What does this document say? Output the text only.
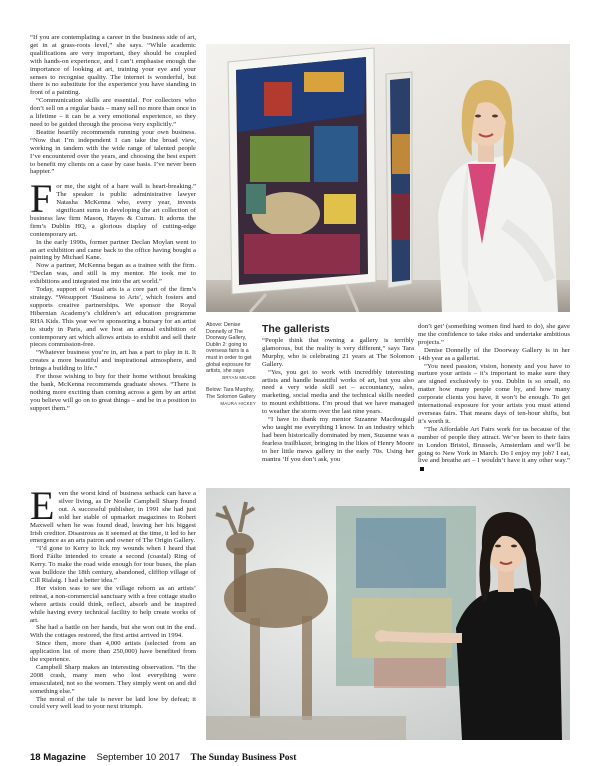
“If you are contemplating a career in the business side of art, get in at grass-roots level,” she says. “While academic qualifications are very important, they should be coupled with hands-on experience, and I can’t emphasise enough the importance of looking at art, training your eye and your senses to recognise quality. The internet is wonderful, but there is no substitute for the experience you have standing in front of a painting.

“Communication skills are essential. For collectors who don’t sell on a regular basis – many sell no more than once in a lifetime – it can be a very emotional experience, so they need to be guided through the process very explicitly.”

Beattie heartily recommends running your own business. “Now that I’m independent I can take the broad view, working in tandem with the wide range of talented people I’ve encountered over the years, and choosing the best expert to benefit my clients on a case by case basis. I’ve never been happier.”

For me, the sight of a bare wall is heart-breaking.” The speaker is public administrative lawyer Natasha McKenna who, every year, invests significant sums in developing the art collection of business law firm Mason, Hayes & Curran. It adorns the firm’s Dublin HQ, a glorious display of cutting-edge contemporary art.

In the early 1990s, former partner Declan Moylan went to an art exhibition and came back to the office having bought a painting by Michael Kane.

Now a partner, McKenna began as a trainee with the firm. “Declan was, and still is my mentor. He took me to exhibitions and integrated me into the art world.”

Today, support of visual arts is a core part of the firm’s strategy. “Wesupport ‘Business to Arts’, which fosters and supports creative partnerships. We sponsor the Royal Hibernian Academy’s children’s art education programme RHA Kids. This year we’re sponsoring a bursary for an artist to study in Paris, and we host an annual exhibition of contemporary art which allows artists to exhibit and sell their pieces commission-free.

“Whatever business you’re in, art has a part to play in it. It creates a more beautiful and inspirational atmosphere, and brings a building to life.”

For those wishing to buy for their home without breaking the bank, McKenna recommends graduate shows. “There is nothing more exciting than coming across a gem by an artist you believe will go on to great things – and be in a position to support them.”

Even the worst kind of business setback can have a silver living, as Dr Noelle Campbell Sharp found out. A successful publisher, in 1991 she had just sold her stable of upmarket magazines to Robert Maxwell when he was found dead, leaving her his biggest Irish creditor. Disastrous as it seemed at the time, it led to her emergence as an arts patron and owner of The Origin Gallery.

“I’d gone to Kerry to lick my wounds when I heard that Bord Fáilte intended to create a second (coastal) Ring of Kerry. To make the road wide enough for tour buses, the plan was bulldoze the 18th century, abandoned, clifftop village of Cill Rialaig. I had a better idea.”

Her vision was to see the village reborn as an artists’ retreat, a non-commercial sanctuary with a free cottage studio where artists could think, reflect, absorb and be inspired while having every technical facility to help create works of art.

She had a battle on her hands, but she won out in the end. With the cottages restored, the first artist arrived in 1994.

Since then, more than 4,000 artists (selected from an application list of more than 250,000) have benefited from the experience.

Campbell Sharp makes an interesting observation. “In the 2008 crash, many men who lost everything were emasculated, not so the women. They simply went on and did something else.”

The moral of the tale is never be laid low by defeat; it could very well lead to your next triumph.

Above: Denise Donnelly of The Doorway Gallery, Dublin 2: going to overseas fairs is a must in order to get global exposure for artists, she says
BRYAN MEADE
Below: Tara Murphy, The Solomon Gallery
MAURA HICKEY
The gallerists

“People think that owning a gallery is terribly glamorous, but the reality is very different,” says Tara Murphy, who is celebrating 21 years at The Solomon Gallery.

“Yes, you get to work with incredibly interesting artists and handle beautiful works of art, but you also need a very wide skill set – accountancy, sales, marketing, social media and the technical skills needed to mount exhibitions. I’m proud that we have managed to weather the storm over the last nine years.

“I have to thank my mentor Suzanne Macdougald who taught me everything I know. In an industry which had been historically dominated by men, Suzanne was a fearless trailblazer, bringing in the likes of Henry Moore to her little mews gallery in the early 70s. Using her mantra ‘If you don’t ask, you

don’t get’ (something women find hard to do), she gave me the confidence to take risks and undertake ambitious projects.”

Denise Donnelly of the Doorway Gallery is in her 14th year as a gallerist.

“You need passion, vision, honesty and you have to nurture your artists – it’s important to make sure they are signed exclusively to you. Dublin is so small, no matter how many people come by, and how many corporate clients you have, it won’t be enough. To get international exposure for your artists you must attend overseas fairs. That means days of ten-hour shifts, but it’s worth it.

“The Affordable Art Fairs work for us because of the number of people they attract. We’ve been to their fairs in London Bristol, Brussels, Amsterdam and we’ll be going to New York in March. Do I enjoy my job? I eat, live and breathe art – I wouldn’t have it any other way.”

18 Magazine September 10 2017 The Sunday Business Post
